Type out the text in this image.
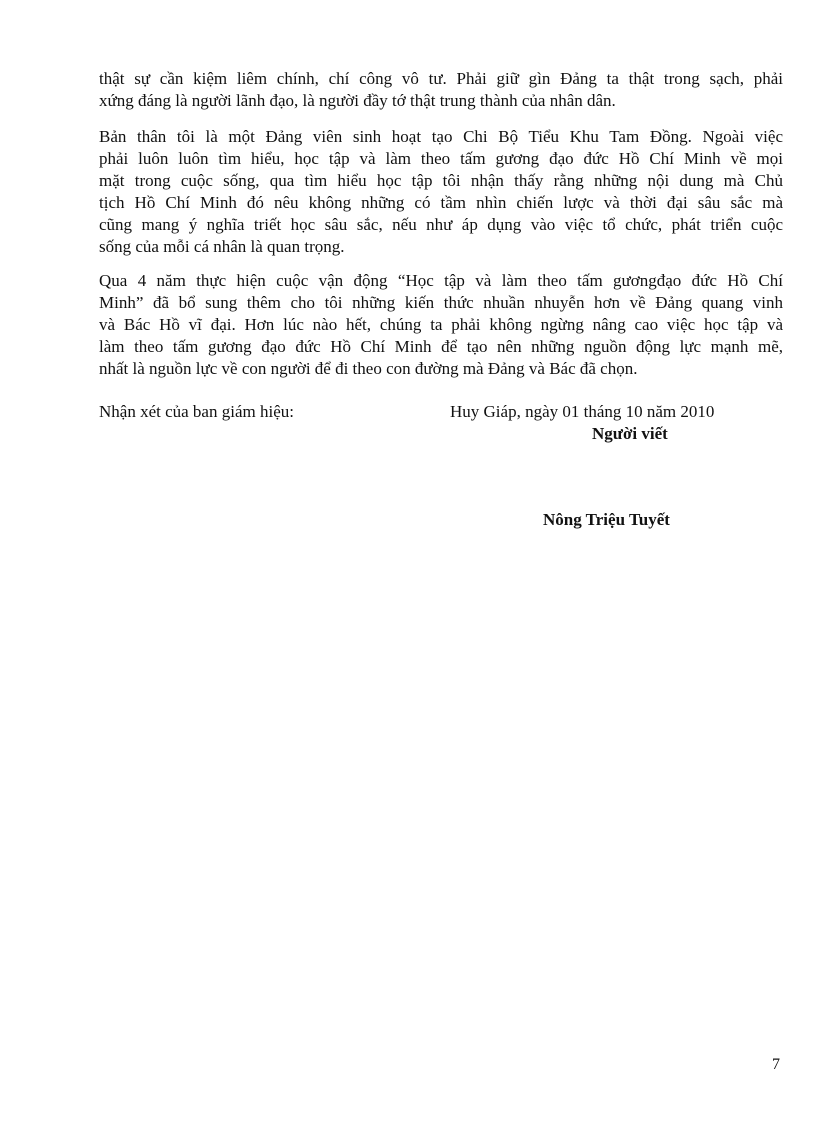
thật sự cần kiệm liêm chính, chí công vô tư. Phải giữ gìn Đảng ta thật trong sạch, phải
xứng đáng là người lãnh đạo, là người đầy tớ thật trung thành của nhân dân.
Bản thân tôi là một Đảng viên sinh hoạt tạo Chi Bộ Tiểu Khu Tam Đồng. Ngoài việc
phải luôn luôn tìm hiểu, học tập và làm theo tấm gương đạo đức Hồ Chí Minh về mọi
mặt trong cuộc sống, qua tìm hiểu học tập tôi nhận thấy rằng những nội dung mà Chủ
tịch Hồ Chí Minh đó nêu không những có tầm nhìn chiến lược và thời đại sâu sắc mà
cũng mang ý nghĩa triết học sâu sắc, nếu như áp dụng vào việc tổ chức, phát triển cuộc
sống của mỗi cá nhân là quan trọng.
Qua 4 năm thực hiện cuộc vận động “Học tập và làm theo tấm gươngđạo đức Hồ Chí
Minh” đã bổ sung thêm cho tôi những kiến thức nhuần nhuyễn hơn về Đảng quang vinh
và Bác Hồ vĩ đại. Hơn lúc nào hết, chúng ta phải không ngừng nâng cao việc học tập và
làm theo tấm gương đạo đức Hồ Chí Minh để tạo nên những nguồn động lực mạnh mẽ,
nhất là nguồn lực về con người để đi theo con đường mà Đảng và Bác đã chọn.
Nhận xét của ban giám hiệu:	Huy Giáp, ngày 01 tháng 10 năm 2010
Người viết
Nông Triệu Tuyết
7
